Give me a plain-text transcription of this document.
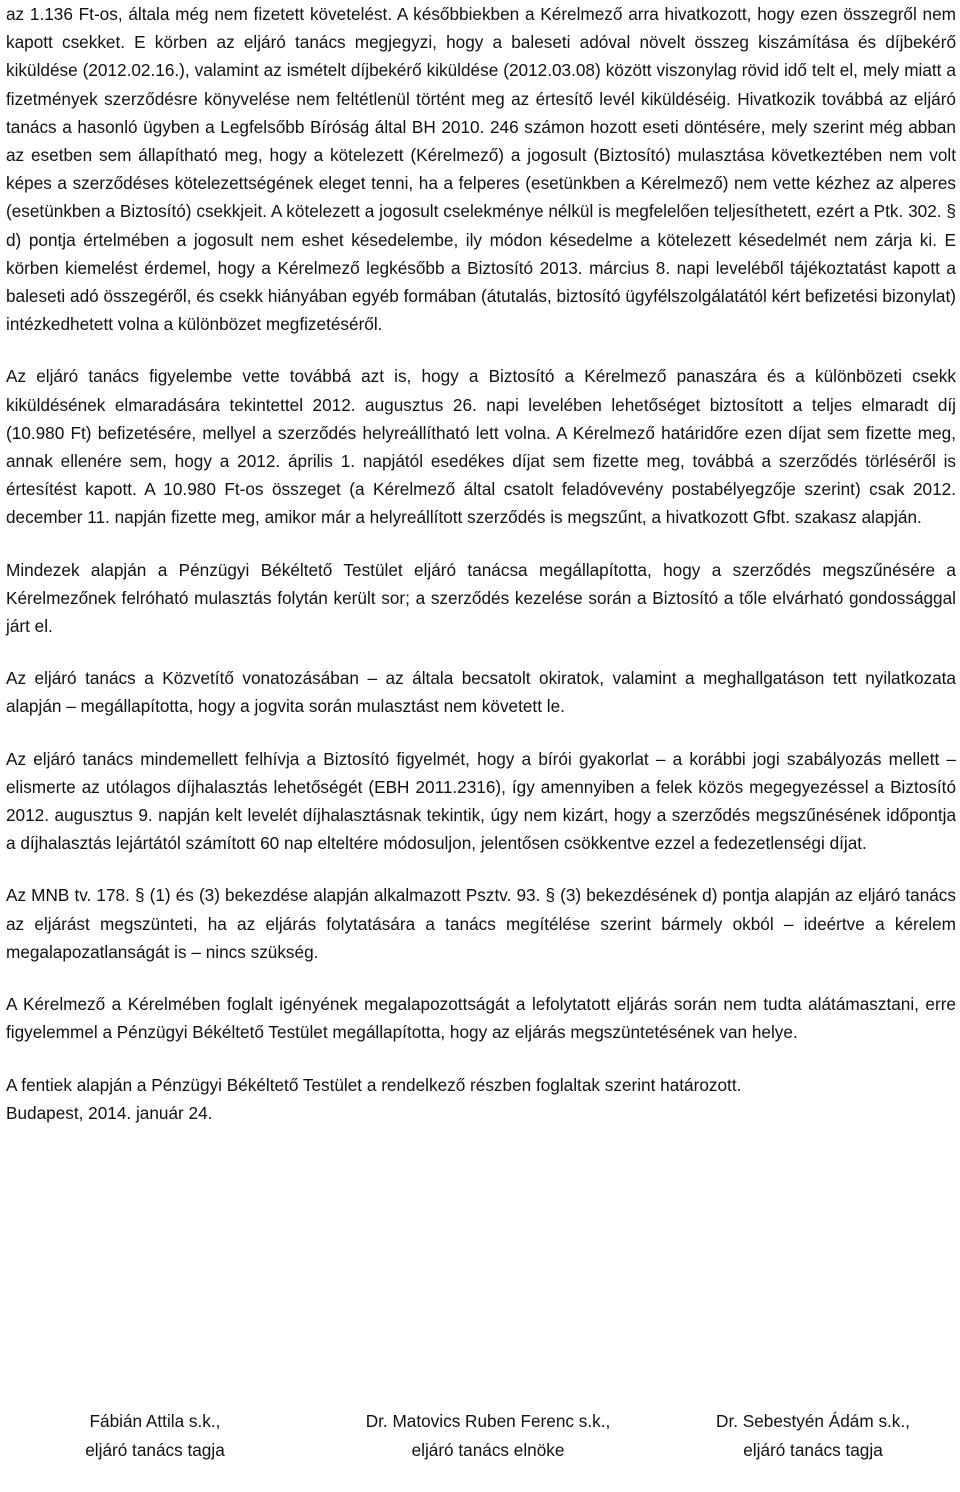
az 1.136 Ft-os, általa még nem fizetett követelést. A későbbiekben a Kérelmező arra hivatkozott, hogy ezen összegről nem kapott csekket. E körben az eljáró tanács megjegyzi, hogy a baleseti adóval növelt összeg kiszámítása és díjbekérő kiküldése (2012.02.16.), valamint az ismételt díjbekérő kiküldése (2012.03.08) között viszonylag rövid idő telt el, mely miatt a fizetmények szerződésre könyvelése nem feltétlenül történt meg az értesítő levél kiküldéséig. Hivatkozik továbbá az eljáró tanács a hasonló ügyben a Legfelsőbb Bíróság által BH 2010. 246 számon hozott eseti döntésére, mely szerint még abban az esetben sem állapítható meg, hogy a kötelezett (Kérelmező) a jogosult (Biztosító) mulasztása következtében nem volt képes a szerződéses kötelezettségének eleget tenni, ha a felperes (esetünkben a Kérelmező) nem vette kézhez az alperes (esetünkben a Biztosító) csekkjeit. A kötelezett a jogosult cselekménye nélkül is megfelelően teljesíthetett, ezért a Ptk. 302. § d) pontja értelmében a jogosult nem eshet késedelembe, ily módon késedelme a kötelezett késedelmét nem zárja ki. E körben kiemelést érdemel, hogy a Kérelmező legkésőbb a Biztosító 2013. március 8. napi leveléből tájékoztatást kapott a baleseti adó összegéről, és csekk hiányában egyéb formában (átutalás, biztosító ügyfélszolgálatától kért befizetési bizonylat) intézkedhetett volna a különbözet megfizetéséről.

Az eljáró tanács figyelembe vette továbbá azt is, hogy a Biztosító a Kérelmező panaszára és a különbözeti csekk kiküldésének elmaradására tekintettel 2012. augusztus 26. napi levelében lehetőséget biztosított a teljes elmaradt díj (10.980 Ft) befizetésére, mellyel a szerződés helyreállítható lett volna. A Kérelmező határidőre ezen díjat sem fizette meg, annak ellenére sem, hogy a 2012. április 1. napjától esedékes díjat sem fizette meg, továbbá a szerződés törléséről is értesítést kapott. A 10.980 Ft-os összeget (a Kérelmező által csatolt feladóvevény postabélyegzője szerint) csak 2012. december 11. napján fizette meg, amikor már a helyreállított szerződés is megszűnt, a hivatkozott Gfbt. szakasz alapján.

Mindezek alapján a Pénzügyi Békéltető Testület eljáró tanácsa megállapította, hogy a szerződés megszűnésére a Kérelmezőnek felróható mulasztás folytán került sor; a szerződés kezelése során a Biztosító a tőle elvárható gondossággal járt el.

Az eljáró tanács a Közvetítő vonatozásában – az általa becsatolt okiratok, valamint a meghallgatáson tett nyilatkozata alapján – megállapította, hogy a jogvita során mulasztást nem követett le.

Az eljáró tanács mindemellett felhívja a Biztosító figyelmét, hogy a bírói gyakorlat – a korábbi jogi szabályozás mellett – elismerte az utólagos díjhalasztás lehetőségét (EBH 2011.2316), így amennyiben a felek közös megegyezéssel a Biztosító 2012. augusztus 9. napján kelt levelét díjhalasztásnak tekintik, úgy nem kizárt, hogy a szerződés megszűnésének időpontja a díjhalasztás lejártától számított 60 nap elteltére módosuljon, jelentősen csökkentve ezzel a fedezetlenségi díjat.

Az MNB tv. 178. § (1) és (3) bekezdése alapján alkalmazott Psztv. 93. § (3) bekezdésének d) pontja alapján az eljáró tanács az eljárást megszünteti, ha az eljárás folytatására a tanács megítélése szerint bármely okból – ideértve a kérelem megalapozatlanságát is – nincs szükség.

A Kérelmező a Kérelmében foglalt igényének megalapozottságát a lefolytatott eljárás során nem tudta alátámasztani, erre figyelemmel a Pénzügyi Békéltető Testület megállapította, hogy az eljárás megszüntetésének van helye.

A fentiek alapján a Pénzügyi Békéltető Testület a rendelkező részben foglaltak szerint határozott.

Budapest, 2014. január 24.

Fábián Attila s.k.,
eljáró tanács tagja
Dr. Matovics Ruben Ferenc s.k.,
eljáró tanács elnöke
Dr. Sebestyén Ádám s.k.,
eljáró tanács tagja
